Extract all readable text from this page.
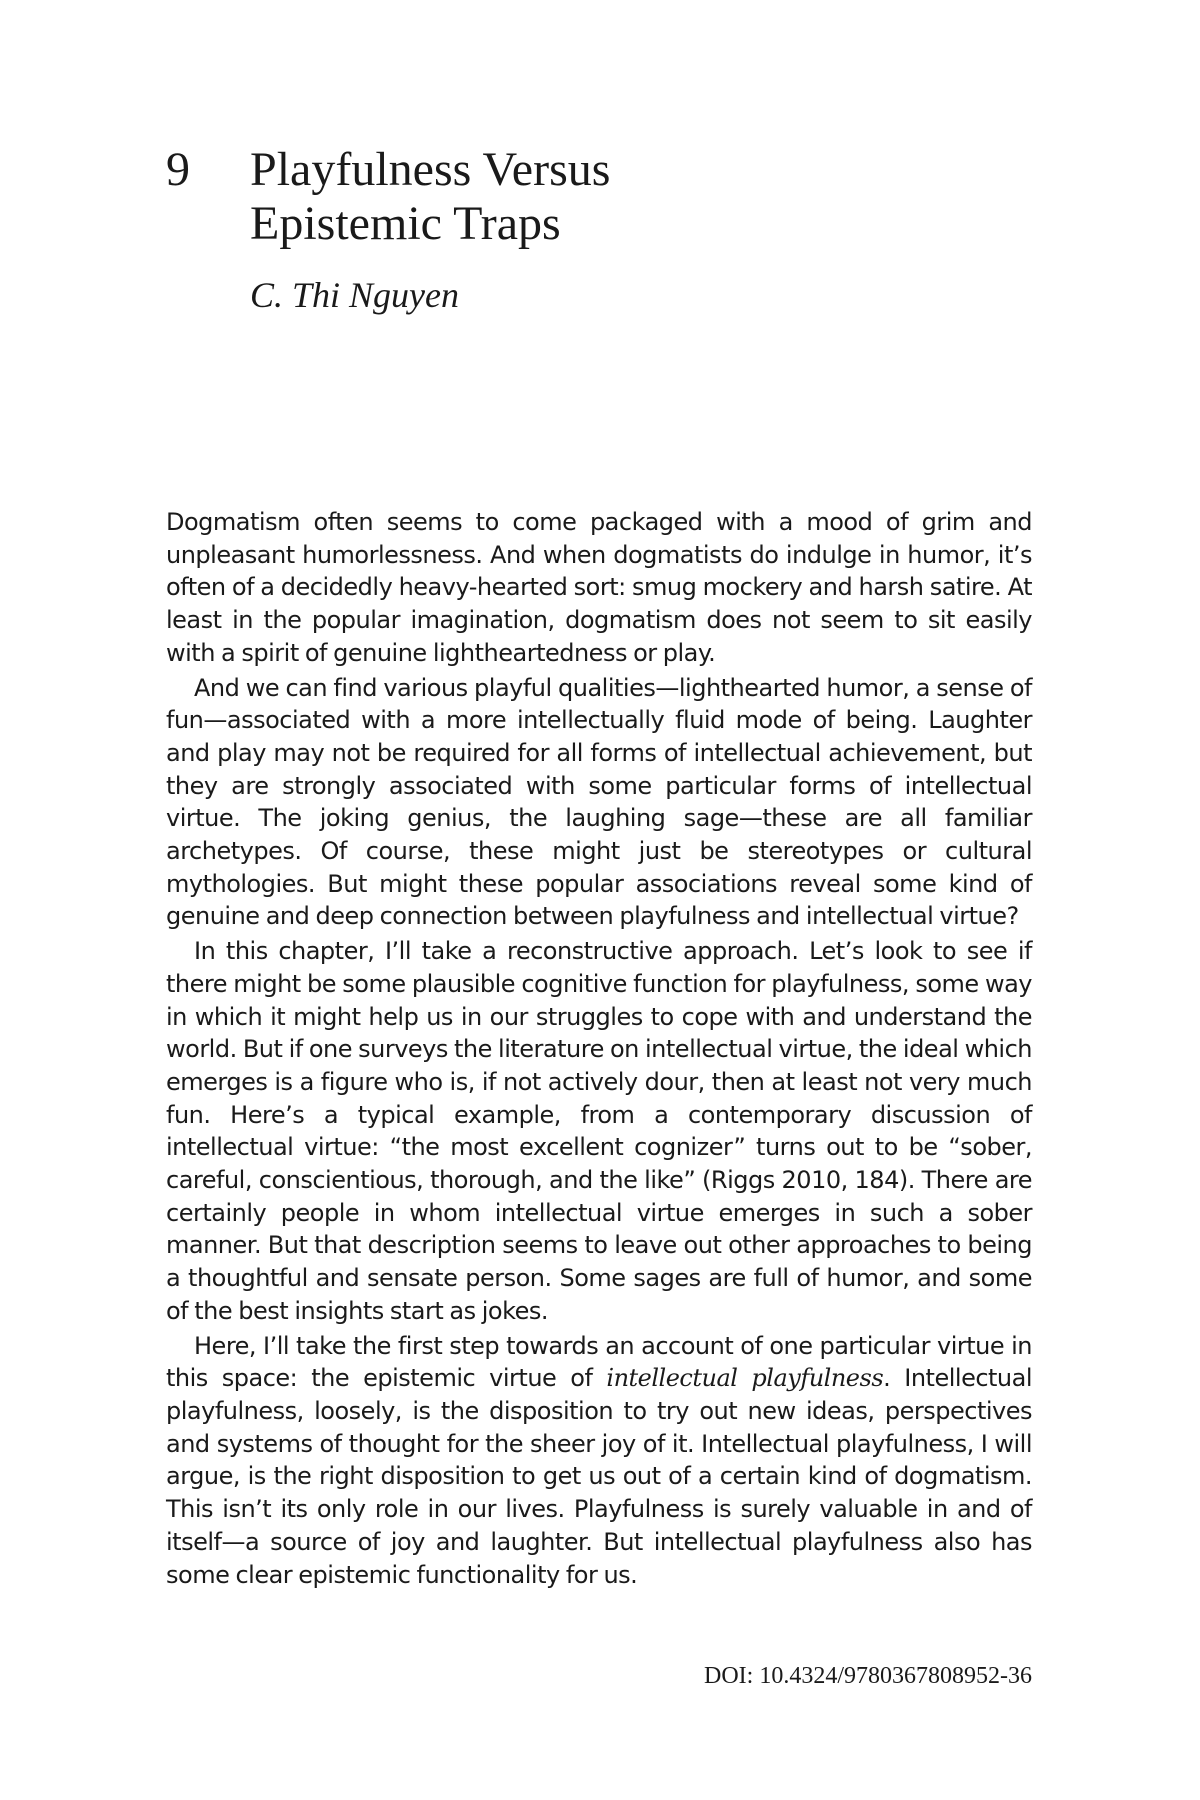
9 Playfulness Versus
Epistemic Traps
C. Thi Nguyen

Dogmatism often seems to come packaged with a mood of grim and unpleasant humorlessness. And when dogmatists do indulge in humor, it’s often of a decidedly heavy-hearted sort: smug mockery and harsh satire. At least in the popular imagination, dogmatism does not seem to sit easily with a spirit of genuine lightheartedness or play.

And we can find various playful qualities—lighthearted humor, a sense of fun—associated with a more intellectually fluid mode of being. Laughter and play may not be required for all forms of intellectual achievement, but they are strongly associated with some particular forms of intellectual virtue. The joking genius, the laughing sage—these are all familiar archetypes. Of course, these might just be stereotypes or cultural mythologies. But might these popular associations reveal some kind of genuine and deep connection between playfulness and intellectual virtue?

In this chapter, I’ll take a reconstructive approach. Let’s look to see if there might be some plausible cognitive function for playfulness, some way in which it might help us in our struggles to cope with and understand the world. But if one surveys the literature on intellectual virtue, the ideal which emerges is a figure who is, if not actively dour, then at least not very much fun. Here’s a typical example, from a contemporary discussion of intellectual virtue: “the most excellent cognizer” turns out to be “sober, careful, conscientious, thorough, and the like” (Riggs 2010, 184). There are certainly people in whom intellectual virtue emerges in such a sober manner. But that description seems to leave out other approaches to being a thoughtful and sensate person. Some sages are full of humor, and some of the best insights start as jokes.

Here, I’ll take the first step towards an account of one particular virtue in this space: the epistemic virtue of intellectual playfulness. Intellectual playfulness, loosely, is the disposition to try out new ideas, perspectives and systems of thought for the sheer joy of it. Intellectual playfulness, I will argue, is the right disposition to get us out of a certain kind of dogmatism. This isn’t its only role in our lives. Playfulness is surely valuable in and of itself—a source of joy and laughter. But intellectual playfulness also has some clear epistemic functionality for us.

DOI: 10.4324/9780367808952-36
